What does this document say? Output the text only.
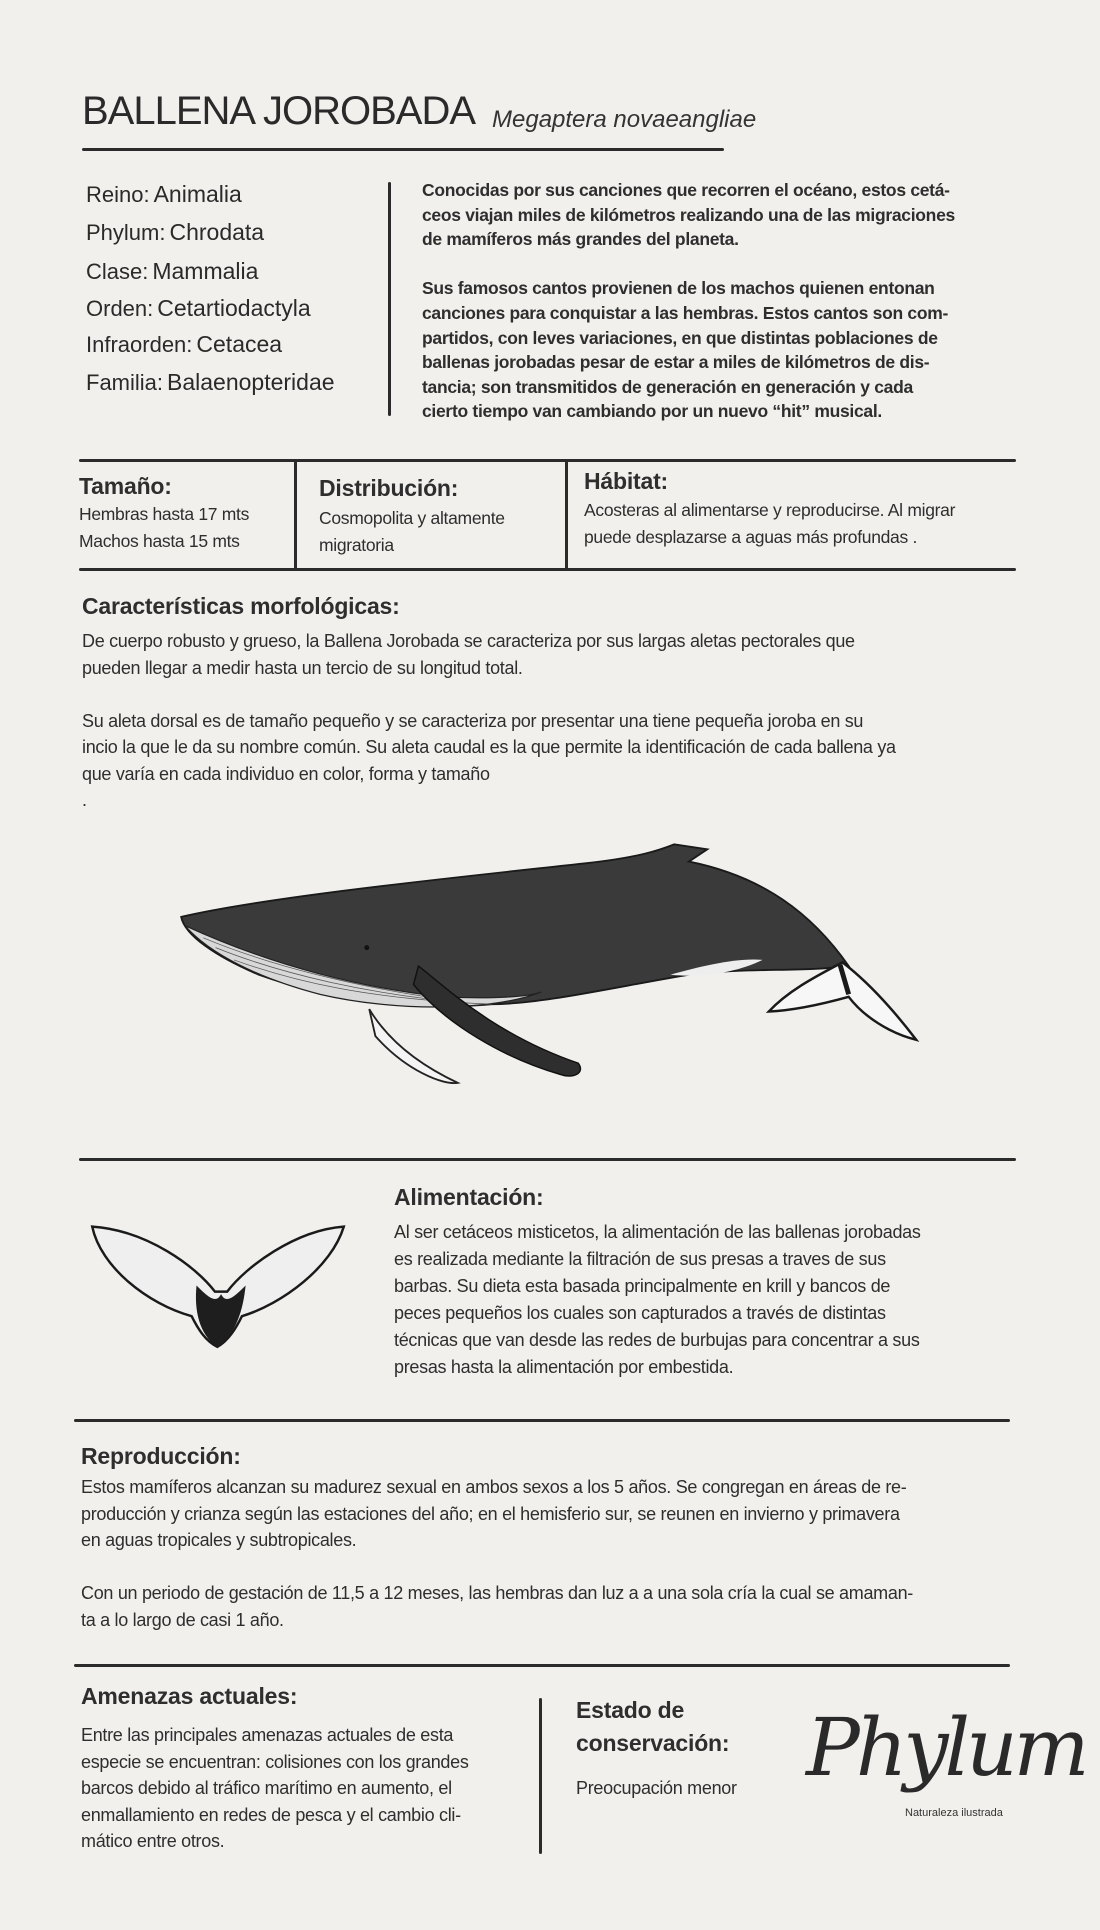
BALLENA JOROBADA Megaptera novaeangliae
Reino: Animalia
Phylum: Chrodata
Clase: Mammalia
Orden: Cetartiodactyla
Infraorden: Cetacea
Familia: Balaenopteridae
Conocidas por sus canciones que recorren el océano, estos cetá-
ceos viajan miles de kilómetros realizando una de las migraciones
de mamíferos más grandes del planeta.
Sus famosos cantos provienen de los machos quienen entonan
canciones para conquistar a las hembras. Estos cantos son com-
partidos, con leves variaciones, en que distintas poblaciones de
ballenas jorobadas pesar de estar a miles de kilómetros de dis-
tancia; son transmitidos de generación en generación y cada
cierto tiempo van cambiando por un nuevo “hit” musical.
Tamaño:
Hembras hasta 17 mts
Machos hasta 15 mts
Distribución:
Cosmopolita y altamente
migratoria
Hábitat:
Acosteras al alimentarse y reproducirse. Al migrar
puede desplazarse a aguas más profundas .
Características morfológicas:
De cuerpo robusto y grueso, la Ballena Jorobada se caracteriza por sus largas aletas pectorales que
pueden llegar a medir hasta un tercio de su longitud total.
Su aleta dorsal es de tamaño pequeño y se caracteriza por presentar una tiene pequeña joroba en su
incio la que le da su nombre común. Su aleta caudal es la que permite la identificación de cada ballena ya
que varía en cada individuo en color, forma y tamaño
.
Alimentación:
Al ser cetáceos misticetos, la alimentación de las ballenas jorobadas
es realizada mediante la filtración de sus presas a traves de sus
barbas. Su dieta esta basada principalmente en krill y bancos de
peces pequeños los cuales son capturados a través de distintas
técnicas que van desde las redes de burbujas para concentrar a sus
presas hasta la alimentación por embestida.
Reproducción:
Estos mamíferos alcanzan su madurez sexual en ambos sexos a los 5 años. Se congregan en áreas de re-
producción y crianza según las estaciones del año; en el hemisferio sur, se reunen en invierno y primavera
en aguas tropicales y subtropicales.
Con un periodo de gestación de 11,5 a 12 meses, las hembras dan luz a a una sola cría la cual se amaman-
ta a lo largo de casi 1 año.
Amenazas actuales:
Entre las principales amenazas actuales de esta
especie se encuentran: colisiones con los grandes
barcos debido al tráfico marítimo en aumento, el
enmallamiento en redes de pesca y el cambio cli-
mático entre otros.
Estado de
conservación:
Preocupación menor Phylum
Naturaleza ilustrada
